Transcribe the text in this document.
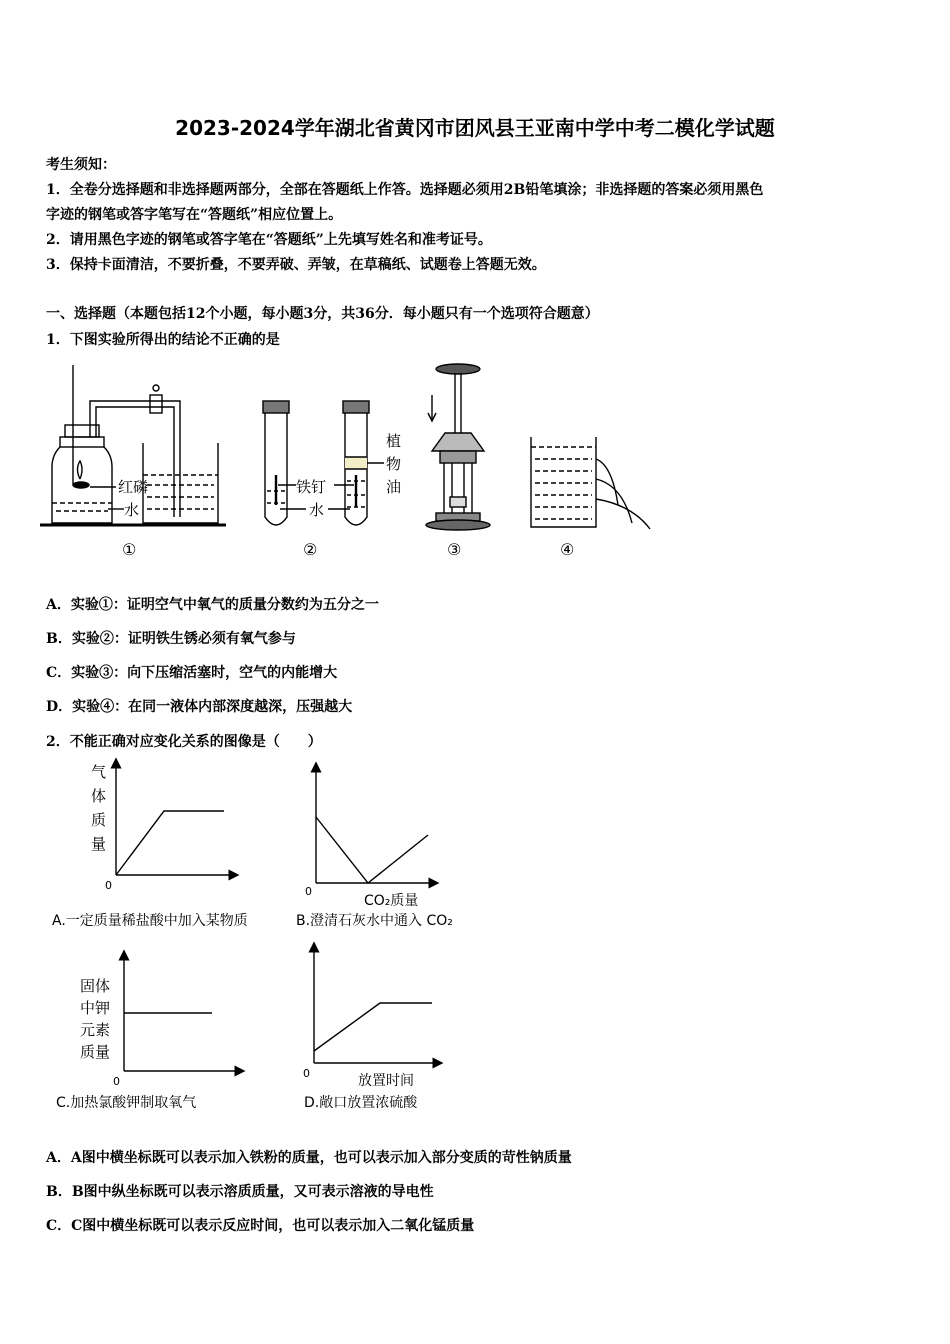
2023-2024学年湖北省黄冈市团风县王亚南中学中考二模化学试题
考生须知：
1．全卷分选择题和非选择题两部分，全部在答题纸上作答。选择题必须用2B铅笔填涂；非选择题的答案必须用黑色
字迹的钢笔或答字笔写在“答题纸”相应位置上。
2．请用黑色字迹的钢笔或答字笔在“答题纸”上先填写姓名和准考证号。
3．保持卡面清洁，不要折叠，不要弄破、弄皱，在草稿纸、试题卷上答题无效。
一、选择题（本题包括12个小题，每小题3分，共36分．每小题只有一个选项符合题意）
1．下图实验所得出的结论不正确的是
红磷
水
铁钉
水
植
物
油
①	②	③	④
A．实验①：证明空气中氧气的质量分数约为五分之一
B．实验②：证明铁生锈必须有氧气参与
C．实验③：向下压缩活塞时，空气的内能增大
D．实验④：在同一液体内部深度越深，压强越大
2．不能正确对应变化关系的图像是（　　）
气
体
质
量
0
A.一定质量稀盐酸中加入某物质
0
CO₂质量
B.澄清石灰水中通入 CO₂
固体
中钾
元素
质量
0
C.加热氯酸钾制取氧气
0	放置时间
D.敞口放置浓硫酸
A．A图中横坐标既可以表示加入铁粉的质量，也可以表示加入部分变质的苛性钠质量
B．B图中纵坐标既可以表示溶质质量，又可表示溶液的导电性
C．C图中横坐标既可以表示反应时间，也可以表示加入二氧化锰质量
